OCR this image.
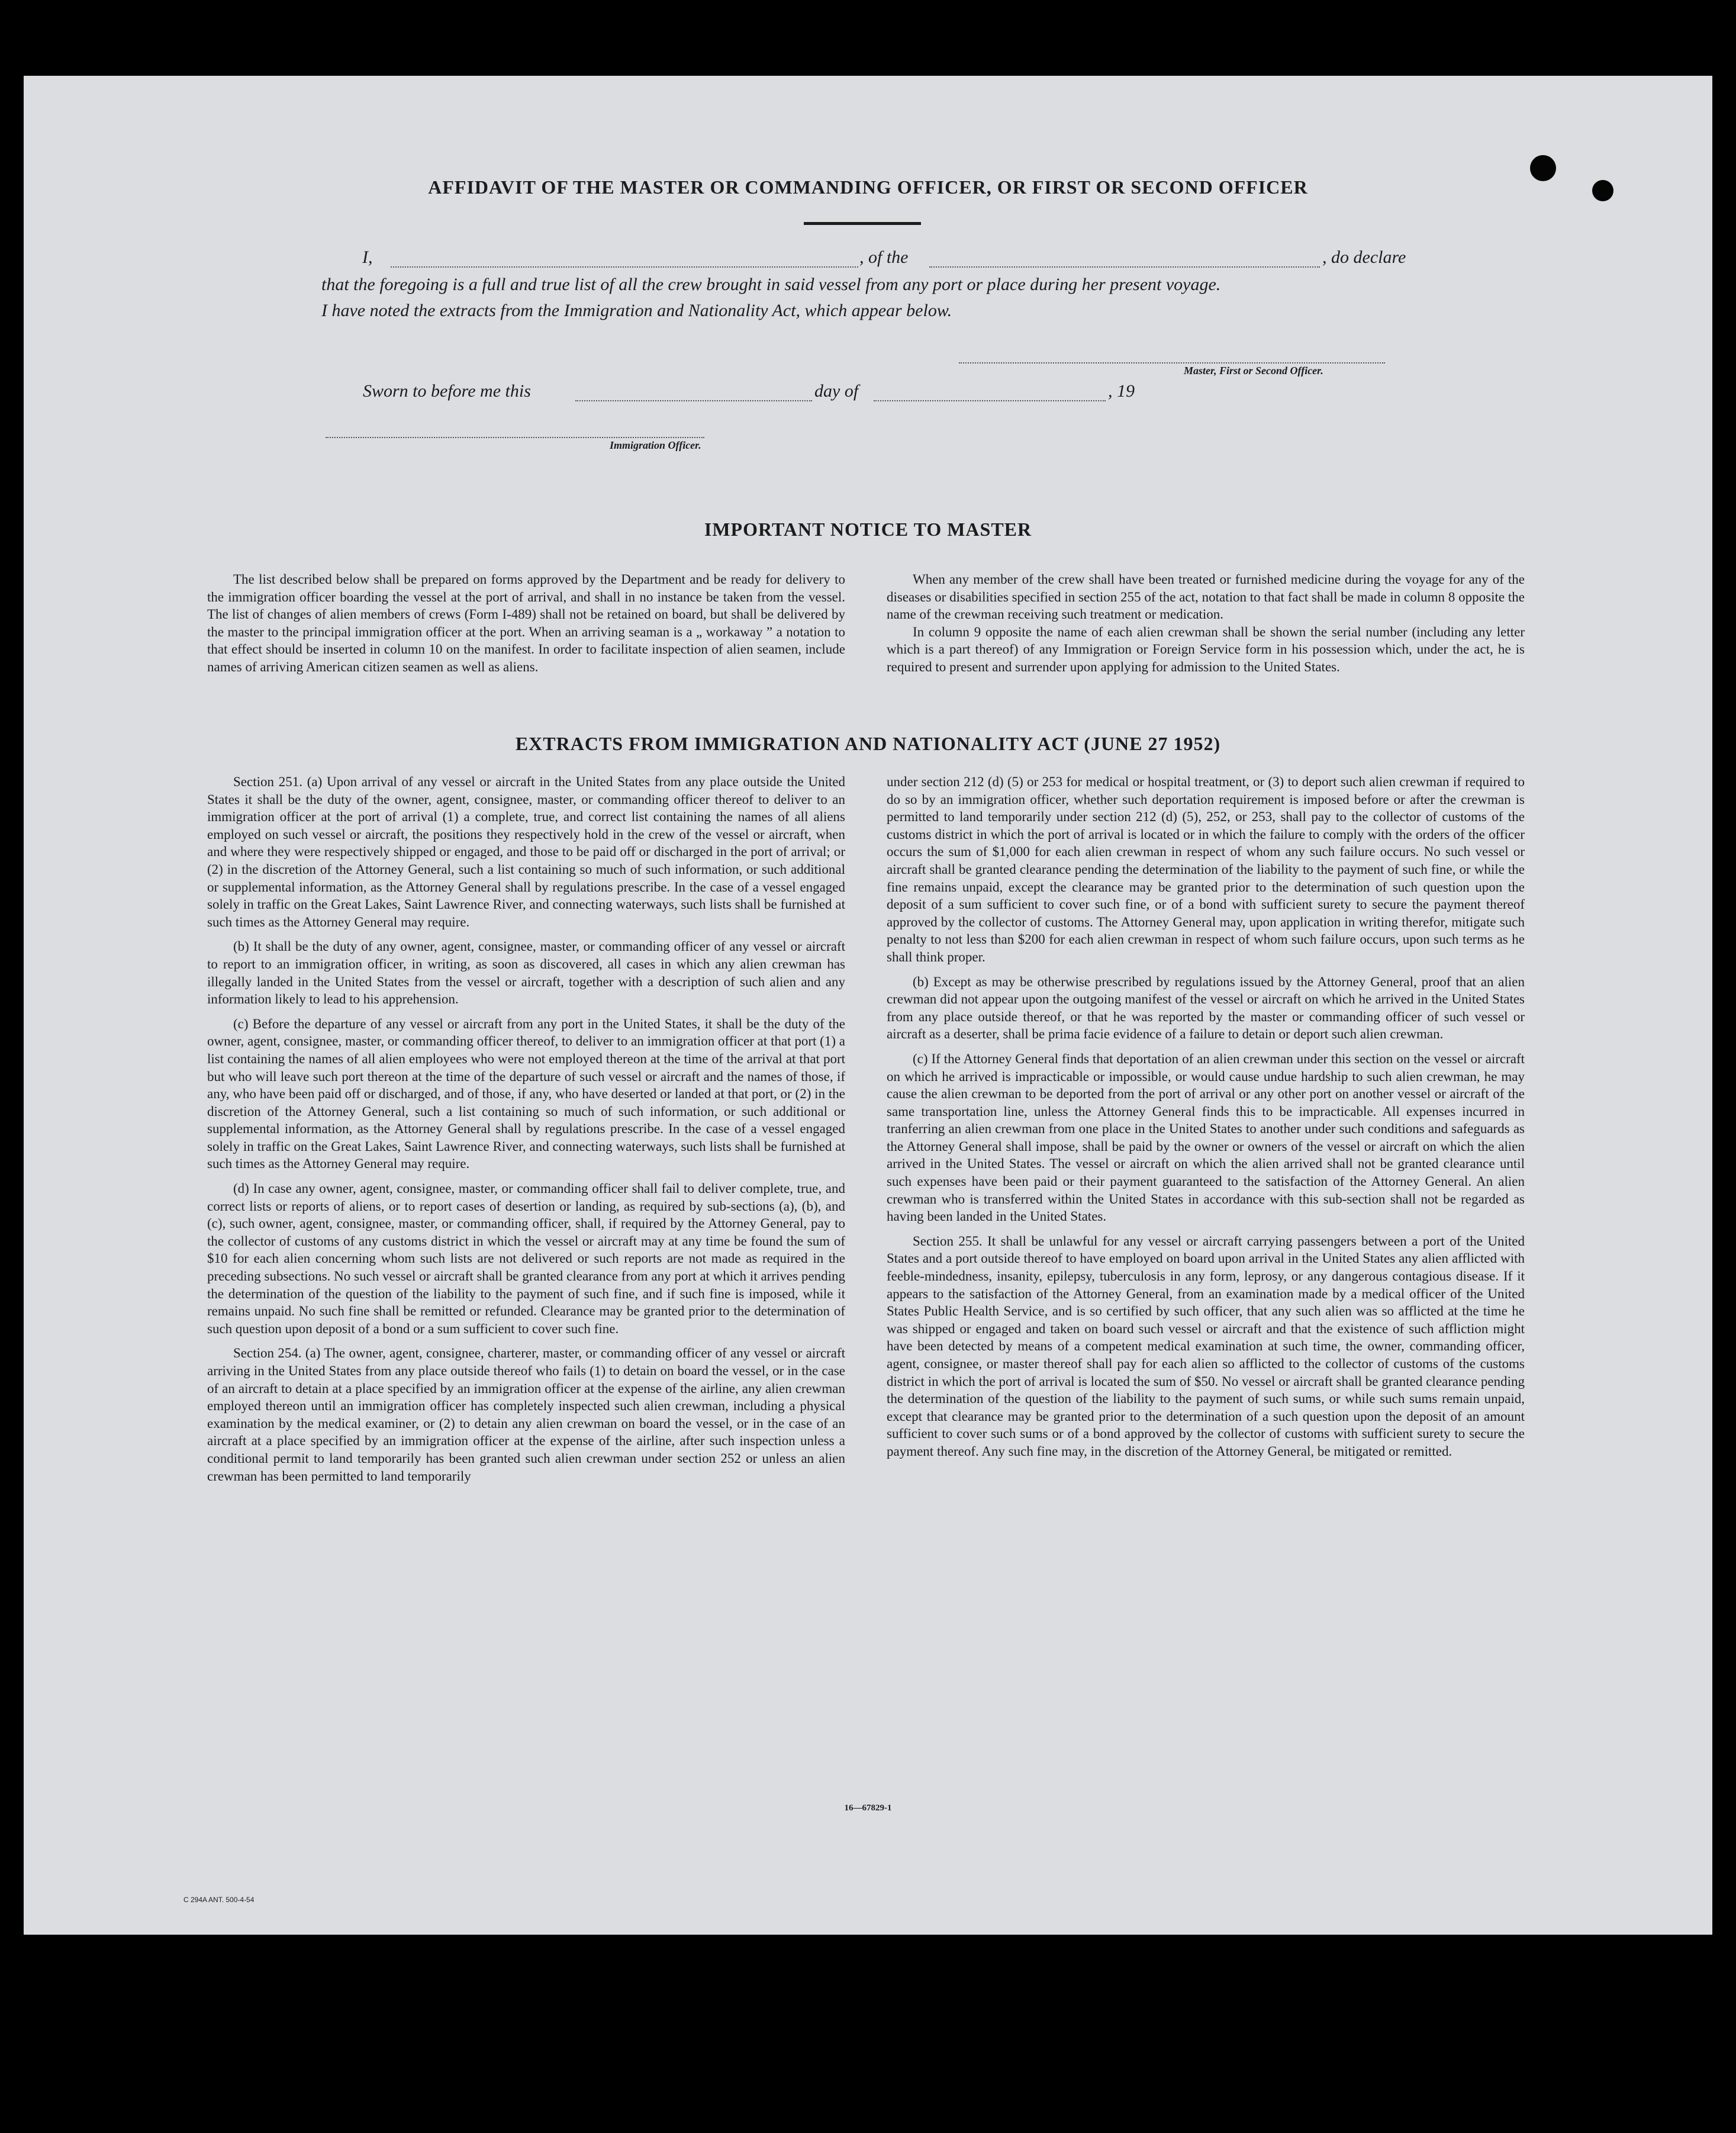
AFFIDAVIT OF THE MASTER OR COMMANDING OFFICER, OR FIRST OR SECOND OFFICER
I,	, of the	, do declare
that the foregoing is a full and true list of all the crew brought in said vessel from any port or place during her present voyage.
I have noted the extracts from the Immigration and Nationality Act, which appear below.
Master, First or Second Officer.
Sworn to before me this	day of	, 19
Immigration Officer.
IMPORTANT NOTICE TO MASTER

The list described below shall be prepared on forms approved by the Department and be ready for delivery to the immigration officer boarding the vessel at the port of arrival, and shall in no instance be taken from the vessel. The list of changes of alien members of crews (Form I-489) shall not be retained on board, but shall be delivered by the master to the principal immigration officer at the port. When an arriving seaman is a „ workaway ” a notation to that effect should be inserted in column 10 on the manifest. In order to facilitate inspection of alien seamen, include names of arriving American citizen seamen as well as aliens.

When any member of the crew shall have been treated or furnished medicine during the voyage for any of the diseases or disabilities specified in section 255 of the act, notation to that fact shall be made in column 8 opposite the name of the crewman receiving such treatment or medication.

In column 9 opposite the name of each alien crewman shall be shown the serial number (including any letter which is a part thereof) of any Immigration or Foreign Service form in his possession which, under the act, he is required to present and surrender upon applying for admission to the United States.

EXTRACTS FROM IMMIGRATION AND NATIONALITY ACT (JUNE 27 1952)

Section 251. (a) Upon arrival of any vessel or aircraft in the United States from any place outside the United States it shall be the duty of the owner, agent, consignee, master, or commanding officer thereof to deliver to an immigration officer at the port of arrival (1) a complete, true, and correct list containing the names of all aliens employed on such vessel or aircraft, the positions they respectively hold in the crew of the vessel or aircraft, when and where they were respectively shipped or engaged, and those to be paid off or discharged in the port of arrival; or (2) in the discretion of the Attorney General, such a list containing so much of such information, or such additional or supplemental information, as the Attorney General shall by regulations prescribe. In the case of a vessel engaged solely in traffic on the Great Lakes, Saint Lawrence River, and connecting waterways, such lists shall be furnished at such times as the Attorney General may require.

(b) It shall be the duty of any owner, agent, consignee, master, or commanding officer of any vessel or aircraft to report to an immigration officer, in writing, as soon as discovered, all cases in which any alien crewman has illegally landed in the United States from the vessel or aircraft, together with a description of such alien and any information likely to lead to his apprehension.

(c) Before the departure of any vessel or aircraft from any port in the United States, it shall be the duty of the owner, agent, consignee, master, or commanding officer thereof, to deliver to an immigration officer at that port (1) a list containing the names of all alien employees who were not employed thereon at the time of the arrival at that port but who will leave such port thereon at the time of the departure of such vessel or aircraft and the names of those, if any, who have been paid off or discharged, and of those, if any, who have deserted or landed at that port, or (2) in the discretion of the Attorney General, such a list containing so much of such information, or such additional or supplemental information, as the Attorney General shall by regulations prescribe. In the case of a vessel engaged solely in traffic on the Great Lakes, Saint Lawrence River, and connecting waterways, such lists shall be furnished at such times as the Attorney General may require.

(d) In case any owner, agent, consignee, master, or commanding officer shall fail to deliver complete, true, and correct lists or reports of aliens, or to report cases of desertion or landing, as required by sub-sections (a), (b), and (c), such owner, agent, consignee, master, or commanding officer, shall, if required by the Attorney General, pay to the collector of customs of any customs district in which the vessel or aircraft may at any time be found the sum of $10 for each alien concerning whom such lists are not delivered or such reports are not made as required in the preceding subsections. No such vessel or aircraft shall be granted clearance from any port at which it arrives pending the determination of the question of the liability to the payment of such fine, and if such fine is imposed, while it remains unpaid. No such fine shall be remitted or refunded. Clearance may be granted prior to the determination of such question upon deposit of a bond or a sum sufficient to cover such fine.

Section 254. (a) The owner, agent, consignee, charterer, master, or commanding officer of any vessel or aircraft arriving in the United States from any place outside thereof who fails (1) to detain on board the vessel, or in the case of an aircraft to detain at a place specified by an immigration officer at the expense of the airline, any alien crewman employed thereon until an immigration officer has completely inspected such alien crewman, including a physical examination by the medical examiner, or (2) to detain any alien crewman on board the vessel, or in the case of an aircraft at a place specified by an immigration officer at the expense of the airline, after such inspection unless a conditional permit to land temporarily has been granted such alien crewman under section 252 or unless an alien crewman has been permitted to land temporarily

under section 212 (d) (5) or 253 for medical or hospital treatment, or (3) to deport such alien crewman if required to do so by an immigration officer, whether such deportation requirement is imposed before or after the crewman is permitted to land temporarily under section 212 (d) (5), 252, or 253, shall pay to the collector of customs of the customs district in which the port of arrival is located or in which the failure to comply with the orders of the officer occurs the sum of $1,000 for each alien crewman in respect of whom any such failure occurs. No such vessel or aircraft shall be granted clearance pending the determination of the liability to the payment of such fine, or while the fine remains unpaid, except the clearance may be granted prior to the determination of such question upon the deposit of a sum sufficient to cover such fine, or of a bond with sufficient surety to secure the payment thereof approved by the collector of customs. The Attorney General may, upon application in writing therefor, mitigate such penalty to not less than $200 for each alien crewman in respect of whom such failure occurs, upon such terms as he shall think proper.

(b) Except as may be otherwise prescribed by regulations issued by the Attorney General, proof that an alien crewman did not appear upon the outgoing manifest of the vessel or aircraft on which he arrived in the United States from any place outside thereof, or that he was reported by the master or commanding officer of such vessel or aircraft as a deserter, shall be prima facie evidence of a failure to detain or deport such alien crewman.

(c) If the Attorney General finds that deportation of an alien crewman under this section on the vessel or aircraft on which he arrived is impracticable or impossible, or would cause undue hardship to such alien crewman, he may cause the alien crewman to be deported from the port of arrival or any other port on another vessel or aircraft of the same transportation line, unless the Attorney General finds this to be impracticable. All expenses incurred in tranferring an alien crewman from one place in the United States to another under such conditions and safeguards as the Attorney General shall impose, shall be paid by the owner or owners of the vessel or aircraft on which the alien arrived in the United States. The vessel or aircraft on which the alien arrived shall not be granted clearance until such expenses have been paid or their payment guaranteed to the satisfaction of the Attorney General. An alien crewman who is transferred within the United States in accordance with this sub-section shall not be regarded as having been landed in the United States.

Section 255. It shall be unlawful for any vessel or aircraft carrying passengers between a port of the United States and a port outside thereof to have employed on board upon arrival in the United States any alien afflicted with feeble-mindedness, insanity, epilepsy, tuberculosis in any form, leprosy, or any dangerous contagious disease. If it appears to the satisfaction of the Attorney General, from an examination made by a medical officer of the United States Public Health Service, and is so certified by such officer, that any such alien was so afflicted at the time he was shipped or engaged and taken on board such vessel or aircraft and that the existence of such affliction might have been detected by means of a competent medical examination at such time, the owner, commanding officer, agent, consignee, or master thereof shall pay for each alien so afflicted to the collector of customs of the customs district in which the port of arrival is located the sum of $50. No vessel or aircraft shall be granted clearance pending the determination of the question of the liability to the payment of such sums, or while such sums remain unpaid, except that clearance may be granted prior to the determination of a such question upon the deposit of an amount sufficient to cover such sums or of a bond approved by the collector of customs with sufficient surety to secure the payment thereof. Any such fine may, in the discretion of the Attorney General, be mitigated or remitted.

16—67829-1
C 294A ANT. 500-4-54
